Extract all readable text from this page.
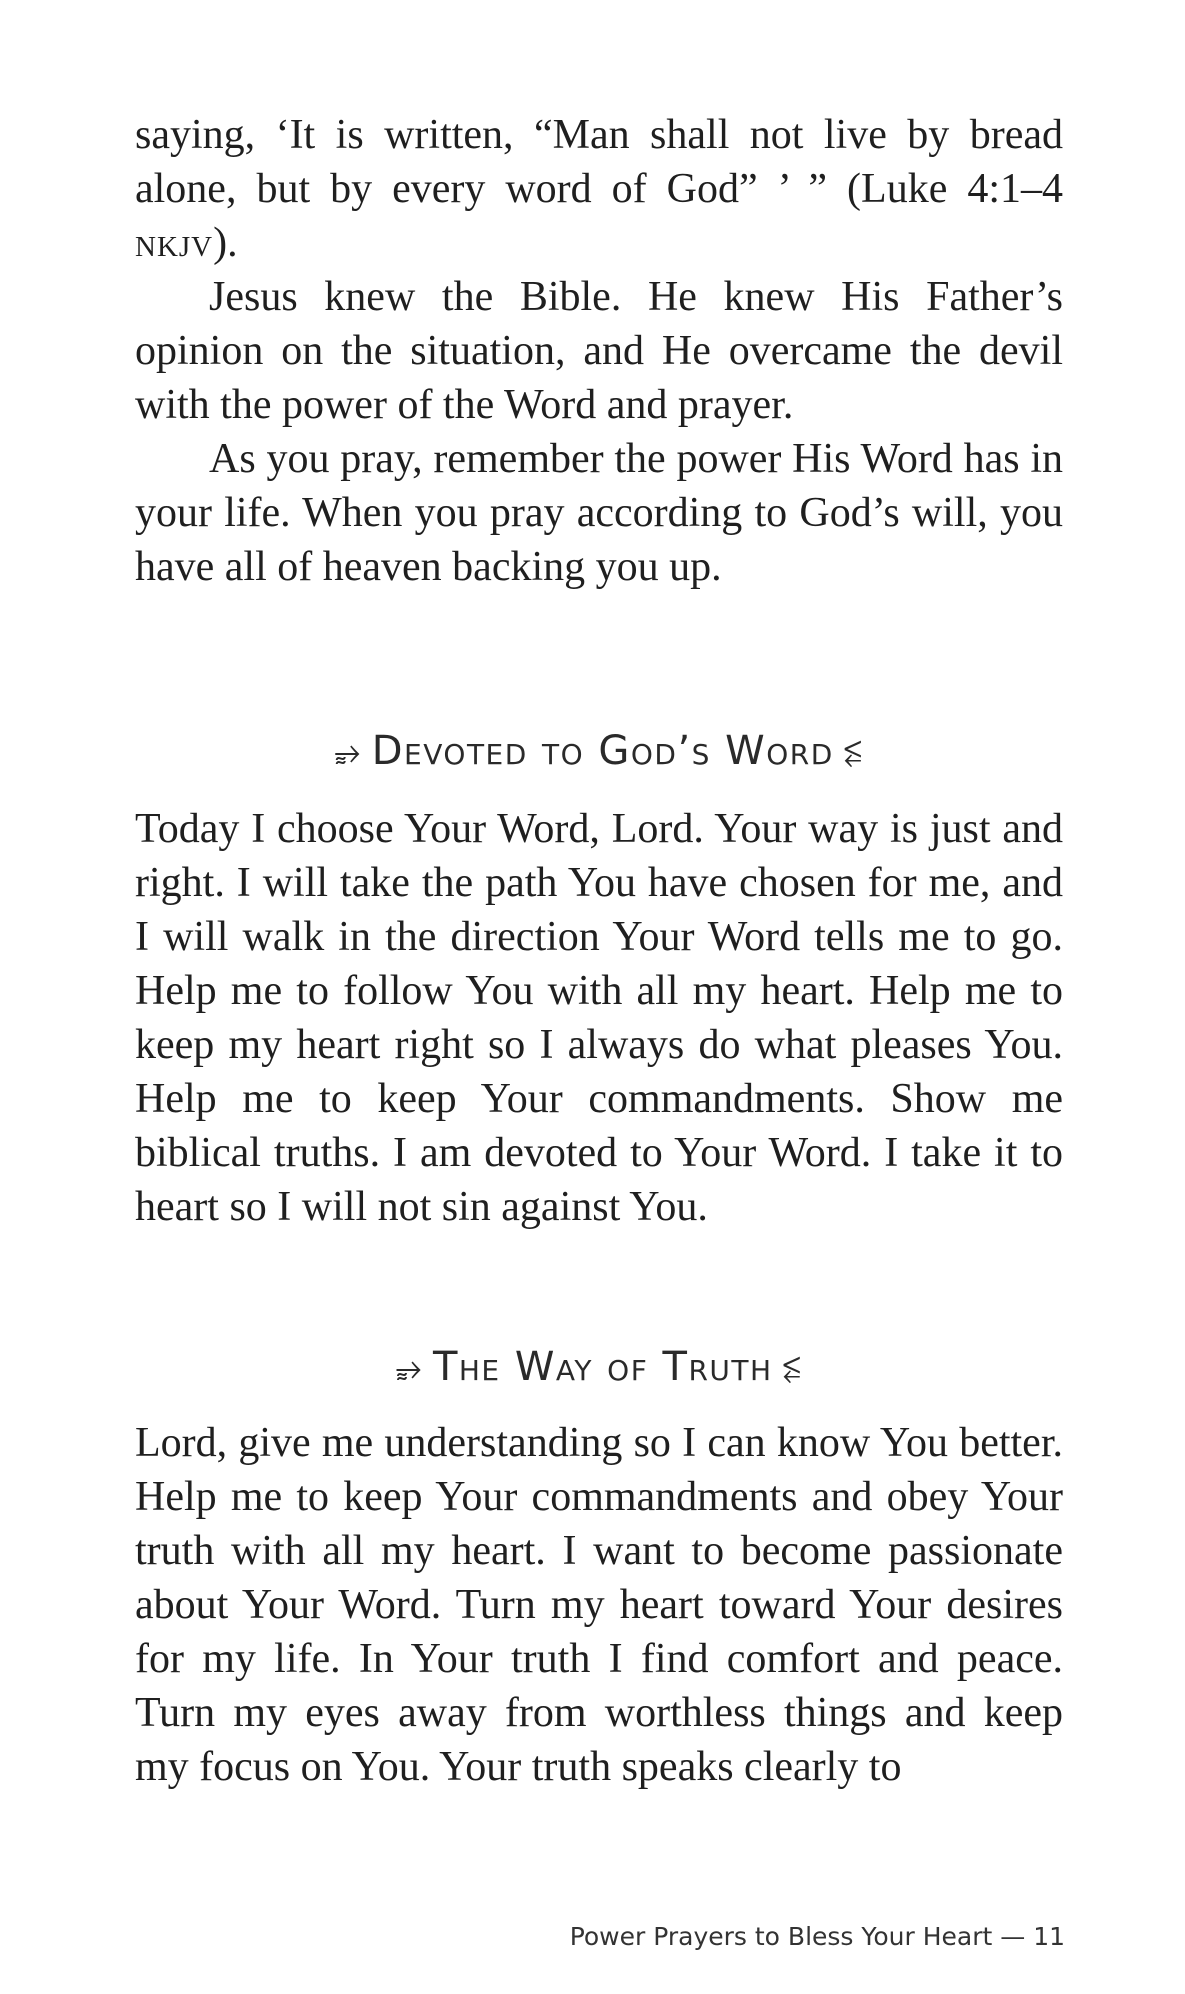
saying, ‘It is written, “Man shall not live by bread alone, but by every word of God” ’ ” (Luke 4:1–4 nkjv).

Jesus knew the Bible. He knew His Father’s opinion on the situation, and He overcame the devil with the power of the Word and prayer.

As you pray, remember the power His Word has in your life. When you pray according to God’s will, you have all of heaven backing you up.

⥵ Devoted to God’s Word ⥶

Today I choose Your Word, Lord. Your way is just and right. I will take the path You have chosen for me, and I will walk in the direction Your Word tells me to go. Help me to follow You with all my heart. Help me to keep my heart right so I always do what pleases You. Help me to keep Your commandments. Show me biblical truths. I am devoted to Your Word. I take it to heart so I will not sin against You.

⥵ The Way of Truth ⥶

Lord, give me understanding so I can know You better. Help me to keep Your commandments and obey Your truth with all my heart. I want to become passionate about Your Word. Turn my heart toward Your desires for my life. In Your truth I find comfort and peace. Turn my eyes away from worthless things and keep my focus on You. Your truth speaks clearly to

Power Prayers to Bless Your Heart — 11
